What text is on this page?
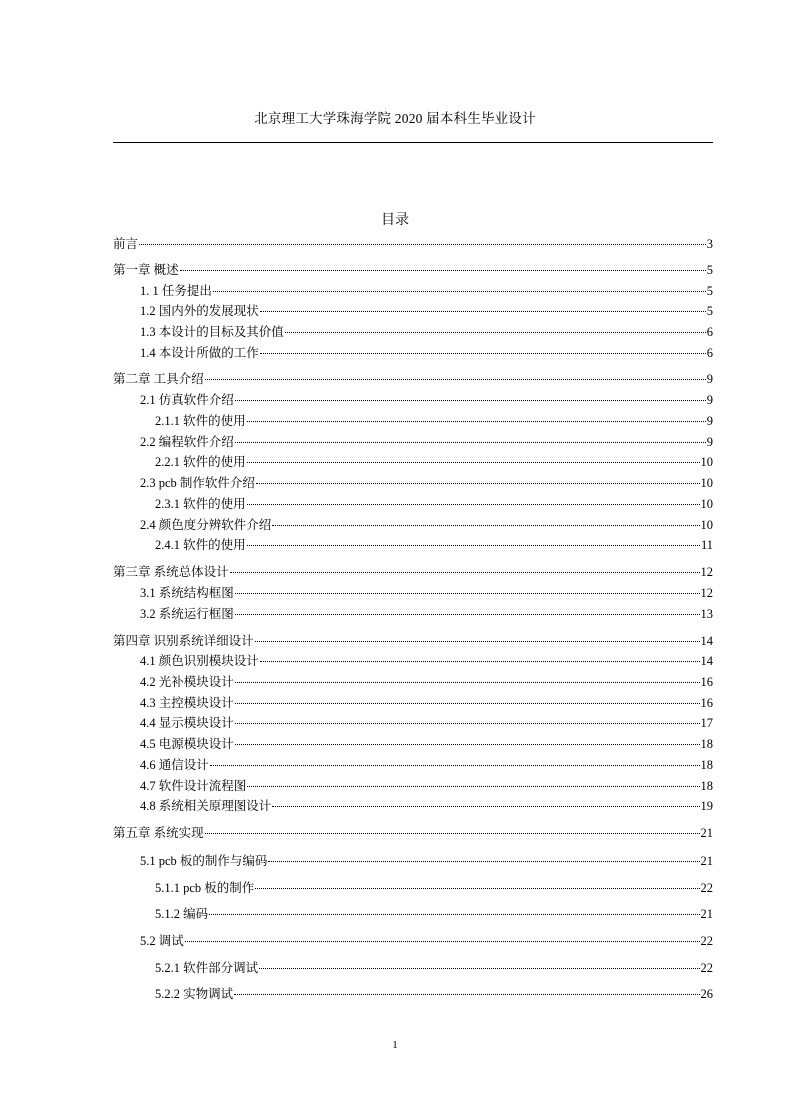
北京理工大学珠海学院 2020 届本科生毕业设计
目录
前言	3
第一章 概述	5
1. 1 任务提出	5
1.2 国内外的发展现状	5
1.3 本设计的目标及其价值	6
1.4 本设计所做的工作	6
第二章 工具介绍	9
2.1 仿真软件介绍	9
2.1.1 软件的使用	9
2.2 编程软件介绍	9
2.2.1 软件的使用	10
2.3 pcb 制作软件介绍	10
2.3.1 软件的使用	10
2.4 颜色度分辨软件介绍	10
2.4.1 软件的使用	11
第三章 系统总体设计	12
3.1 系统结构框图	12
3.2 系统运行框图	13
第四章 识别系统详细设计	14
4.1 颜色识别模块设计	14
4.2 光补模块设计	16
4.3 主控模块设计	16
4.4 显示模块设计	17
4.5 电源模块设计	18
4.6 通信设计	18
4.7 软件设计流程图	18
4.8 系统相关原理图设计	19
第五章 系统实现	21
5.1 pcb 板的制作与编码	21
5.1.1 pcb 板的制作	22
5.1.2 编码	21
5.2 调试	22
5.2.1 软件部分调试	22
5.2.2 实物调试	26
1
